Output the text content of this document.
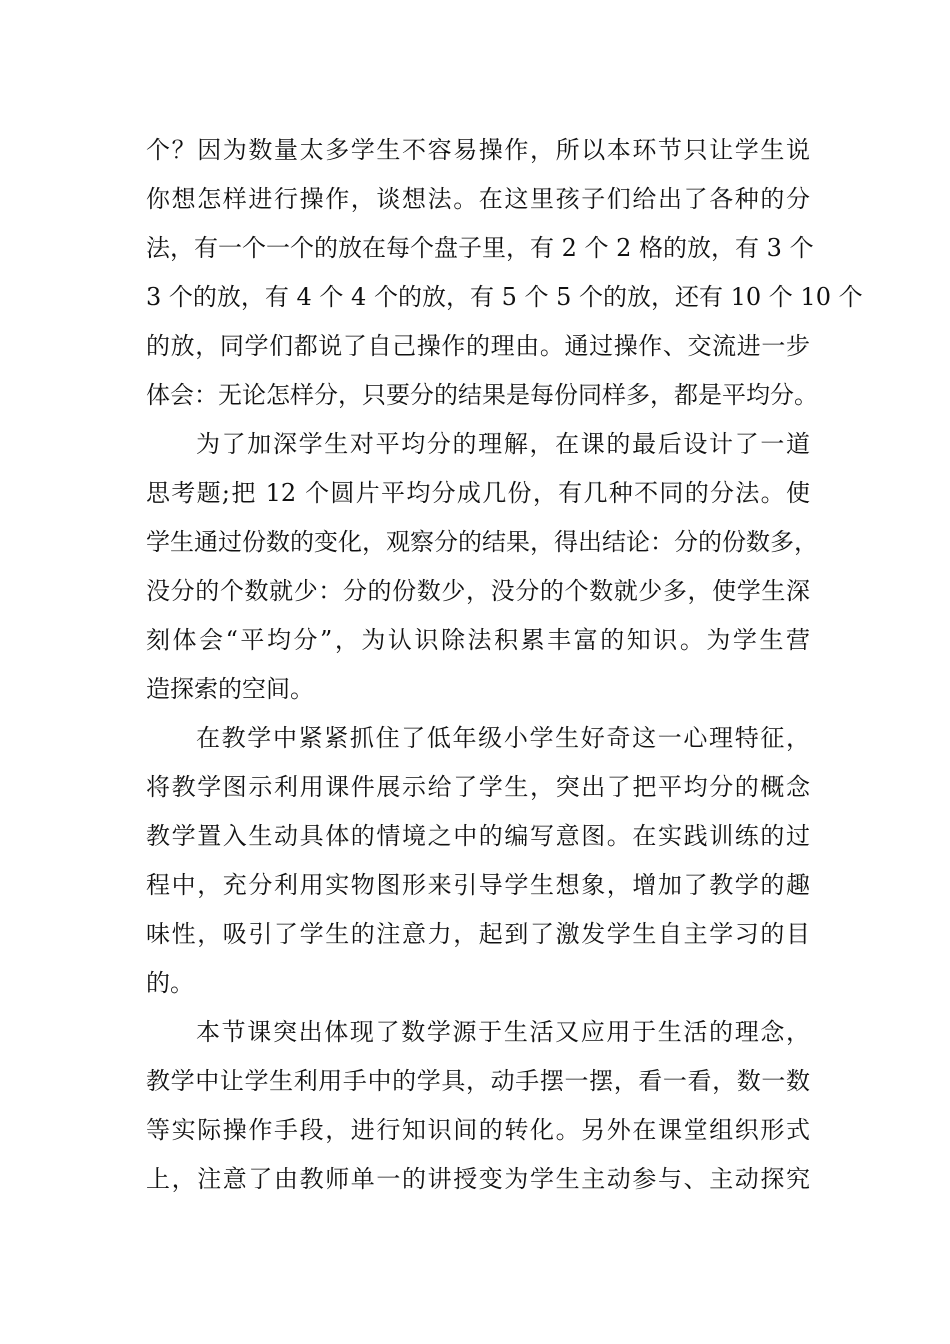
个？因为数量太多学生不容易操作，所以本环节只让学生说
你想怎样进行操作，谈想法。在这里孩子们给出了各种的分
法，有一个一个的放在每个盘子里，有 2 个 2 格的放，有 3 个
3 个的放，有 4 个 4 个的放，有 5 个 5 个的放，还有 10 个 10 个
的放，同学们都说了自己操作的理由。通过操作、交流进一步
体会：无论怎样分，只要分的结果是每份同样多，都是平均分。
为了加深学生对平均分的理解，在课的最后设计了一道
思考题;把 12 个圆片平均分成几份，有几种不同的分法。使
学生通过份数的变化，观察分的结果，得出结论：分的份数多，
没分的个数就少：分的份数少，没分的个数就少多，使学生深
刻体会“平均分”，为认识除法积累丰富的知识。为学生营
造探索的空间。
在教学中紧紧抓住了低年级小学生好奇这一心理特征，
将教学图示利用课件展示给了学生，突出了把平均分的概念
教学置入生动具体的情境之中的编写意图。在实践训练的过
程中，充分利用实物图形来引导学生想象，增加了教学的趣
味性，吸引了学生的注意力，起到了激发学生自主学习的目
的。
本节课突出体现了数学源于生活又应用于生活的理念，
教学中让学生利用手中的学具，动手摆一摆，看一看，数一数
等实际操作手段，进行知识间的转化。另外在课堂组织形式
上，注意了由教师单一的讲授变为学生主动参与、主动探究
